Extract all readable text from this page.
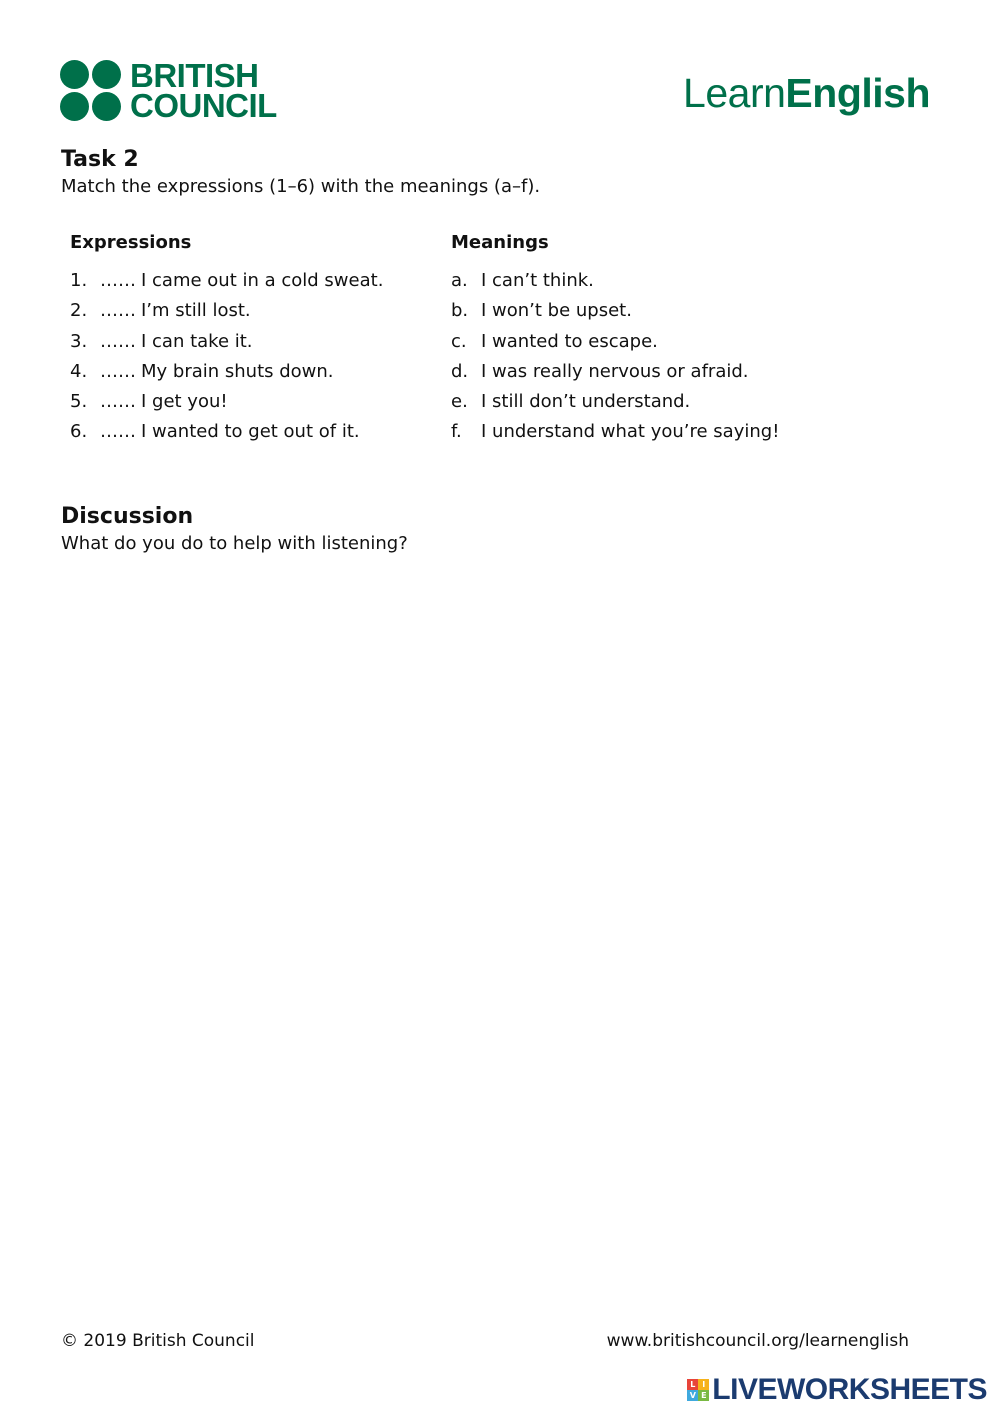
BRITISH
COUNCIL	LearnEnglish
Task 2
Match the expressions (1–6) with the meanings (a–f).
Expressions
1. …… I came out in a cold sweat.
2. …… I’m still lost.
3. …… I can take it.
4. …… My brain shuts down.
5. …… I get you!
6. …… I wanted to get out of it.
Meanings
a. I can’t think.
b. I won’t be upset.
c. I wanted to escape.
d. I was really nervous or afraid.
e. I still don’t understand.
f.	I understand what you’re saying!
Discussion
What do you do to help with listening?
© 2019 British Council	www.britishcouncil.org/learnenglish
L I
V E LIVEWORKSHEETS
